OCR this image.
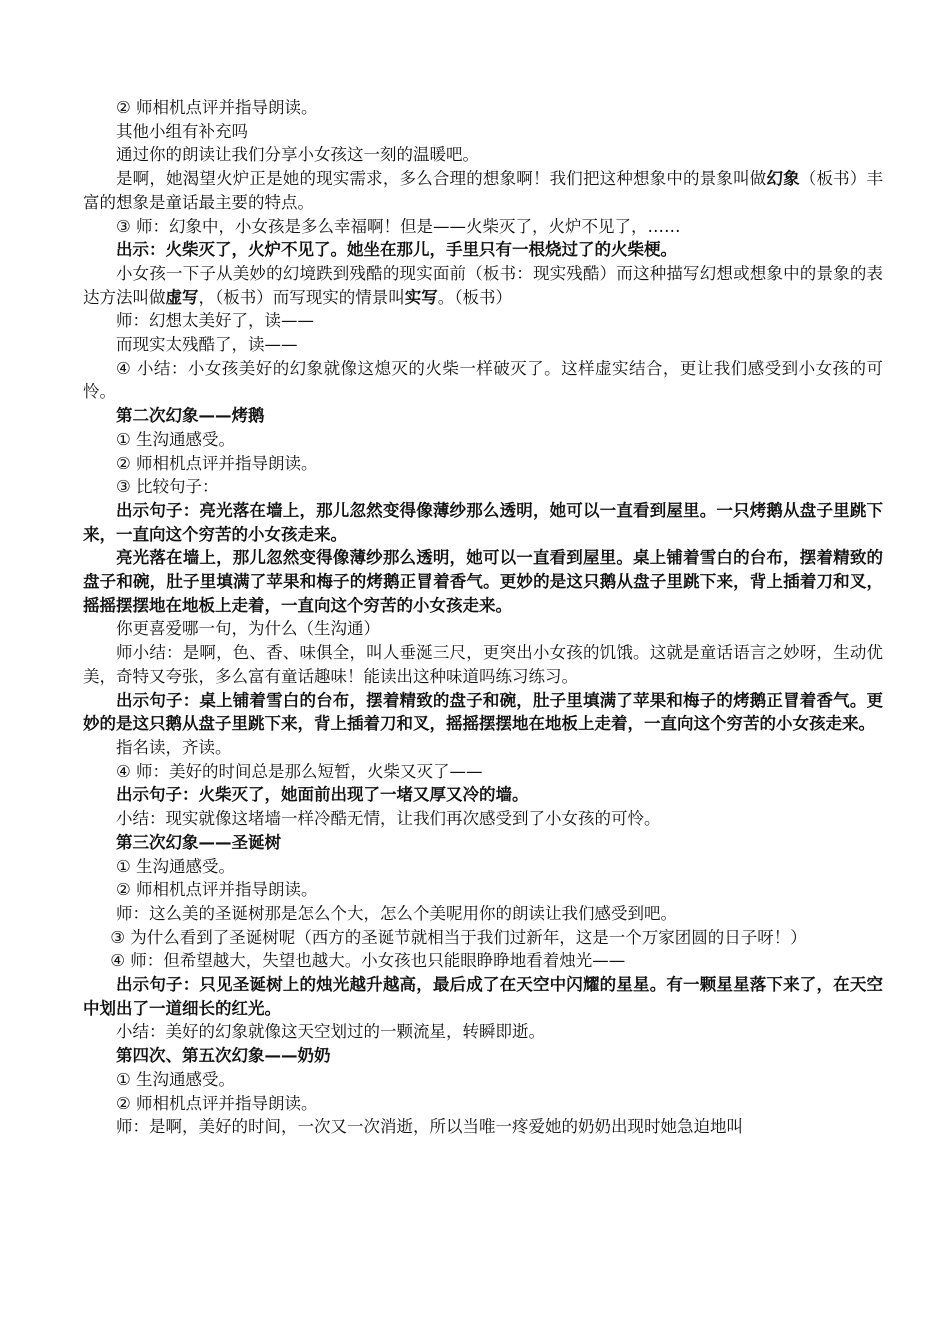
② 师相机点评并指导朗读。

其他小组有补充吗

通过你的朗读让我们分享小女孩这一刻的温暖吧。

是啊，她渴望火炉正是她的现实需求，多么合理的想象啊！我们把这种想象中的景象叫做幻象（板书）丰富的想象是童话最主要的特点。

③ 师：幻象中，小女孩是多么幸福啊！但是——火柴灭了，火炉不见了，……

出示：火柴灭了，火炉不见了。她坐在那儿，手里只有一根烧过了的火柴梗。

小女孩一下子从美妙的幻境跌到残酷的现实面前（板书：现实残酷）而这种描写幻想或想象中的景象的表达方法叫做虚写，（板书）而写现实的情景叫实写。（板书）

师：幻想太美好了，读——

而现实太残酷了，读——

④ 小结：小女孩美好的幻象就像这熄灭的火柴一样破灭了。这样虚实结合，更让我们感受到小女孩的可怜。

第二次幻象——烤鹅

① 生沟通感受。

② 师相机点评并指导朗读。

③ 比较句子：

出示句子：亮光落在墙上，那儿忽然变得像薄纱那么透明，她可以一直看到屋里。一只烤鹅从盘子里跳下来，一直向这个穷苦的小女孩走来。

亮光落在墙上，那儿忽然变得像薄纱那么透明，她可以一直看到屋里。桌上铺着雪白的台布，摆着精致的盘子和碗，肚子里填满了苹果和梅子的烤鹅正冒着香气。更妙的是这只鹅从盘子里跳下来，背上插着刀和叉，摇摇摆摆地在地板上走着，一直向这个穷苦的小女孩走来。

你更喜爱哪一句，为什么（生沟通）

师小结：是啊，色、香、味俱全，叫人垂涎三尺，更突出小女孩的饥饿。这就是童话语言之妙呀，生动优美，奇特又夸张，多么富有童话趣味！能读出这种味道吗练习练习。

出示句子：桌上铺着雪白的台布，摆着精致的盘子和碗，肚子里填满了苹果和梅子的烤鹅正冒着香气。更妙的是这只鹅从盘子里跳下来，背上插着刀和叉，摇摇摆摆地在地板上走着，一直向这个穷苦的小女孩走来。

指名读，齐读。

④ 师：美好的时间总是那么短暂，火柴又灭了——

出示句子：火柴灭了，她面前出现了一堵又厚又冷的墙。

小结：现实就像这堵墙一样冷酷无情，让我们再次感受到了小女孩的可怜。

第三次幻象——圣诞树

① 生沟通感受。

② 师相机点评并指导朗读。

师：这么美的圣诞树那是怎么个大，怎么个美呢用你的朗读让我们感受到吧。

③ 为什么看到了圣诞树呢（西方的圣诞节就相当于我们过新年，这是一个万家团圆的日子呀！）

④ 师：但希望越大，失望也越大。小女孩也只能眼睁睁地看着烛光——

出示句子：只见圣诞树上的烛光越升越高，最后成了在天空中闪耀的星星。有一颗星星落下来了，在天空中划出了一道细长的红光。

小结：美好的幻象就像这天空划过的一颗流星，转瞬即逝。

第四次、第五次幻象——奶奶

① 生沟通感受。

② 师相机点评并指导朗读。

师：是啊，美好的时间，一次又一次消逝，所以当唯一疼爱她的奶奶出现时她急迫地叫
